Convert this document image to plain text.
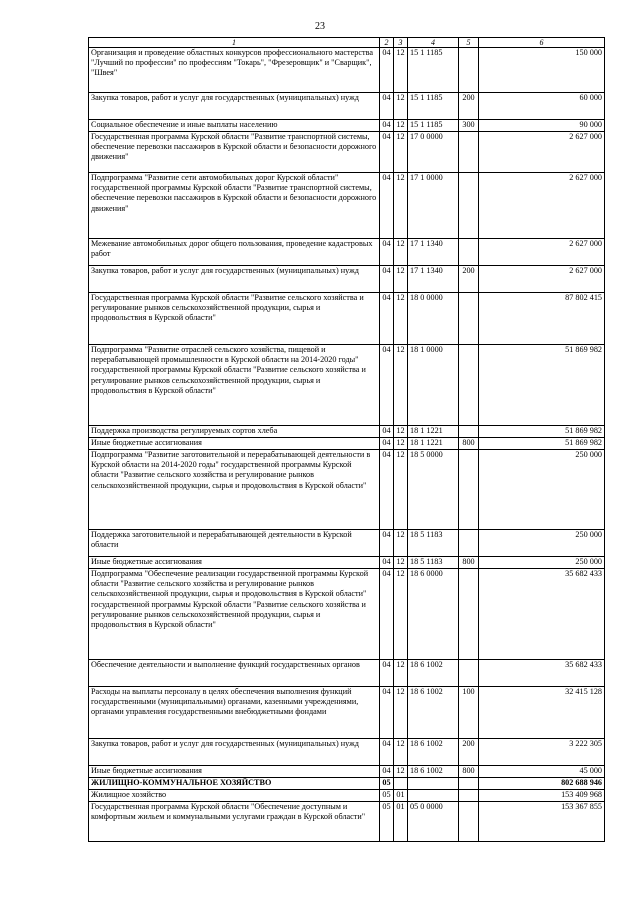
23
1	2	3	4	5	6
Организация и проведение областных конкурсов профессионального мастерства "Лучший по профессии" по профессиям "Токарь", "Фрезеровщик" и "Сварщик", "Швея"	04	12	15 1 1185		150 000
Закупка товаров, работ и услуг для государственных (муниципальных) нужд	04	12	15 1 1185	200	60 000
Социальное обеспечение и иные выплаты населению	04	12	15 1 1185	300	90 000
Государственная программа Курской области "Развитие транспортной системы, обеспечение перевозки пассажиров в Курской области и безопасности дорожного движения"	04	12	17 0 0000		2 627 000
Подпрограмма "Развитие сети автомобильных дорог Курской области" государственной программы Курской области "Развитие транспортной системы, обеспечение перевозки пассажиров в Курской области и безопасности дорожного движения"	04	12	17 1 0000		2 627 000
Межевание автомобильных дорог общего пользования, проведение кадастровых работ	04	12	17 1 1340		2 627 000
Закупка товаров, работ и услуг для государственных (муниципальных) нужд	04	12	17 1 1340	200	2 627 000
Государственная программа Курской области "Развитие сельского хозяйства и регулирование рынков сельскохозяйственной продукции, сырья и продовольствия в Курской области"	04	12	18 0 0000		87 802 415
Подпрограмма "Развитие отраслей сельского хозяйства, пищевой и перерабатывающей промышленности в Курской области на 2014-2020 годы" государственной программы Курской области "Развитие сельского хозяйства и регулирование рынков сельскохозяйственной продукции, сырья и продовольствия в Курской области"	04	12	18 1 0000		51 869 982
Поддержка производства регулируемых сортов хлеба	04	12	18 1 1221		51 869 982
Иные бюджетные ассигнования	04	12	18 1 1221	800	51 869 982
Подпрограмма "Развитие заготовительной и перерабатывающей деятельности в Курской области на 2014-2020 годы" государственной программы Курской области "Развитие сельского хозяйства и регулирование рынков сельскохозяйственной продукции, сырья и продовольствия в Курской области"	04	12	18 5 0000		250 000
Поддержка заготовительной и перерабатывающей деятельности в Курской области	04	12	18 5 1183		250 000
Иные бюджетные ассигнования	04	12	18 5 1183	800	250 000
Подпрограмма "Обеспечение реализации государственной программы Курской области "Развитие сельского хозяйства и регулирование рынков сельскохозяйственной продукции, сырья и продовольствия в Курской области" государственной программы Курской области "Развитие сельского хозяйства и регулирование рынков сельскохозяйственной продукции, сырья и продовольствия в Курской области"	04	12	18 6 0000		35 682 433
Обеспечение деятельности и выполнение функций государственных органов	04	12	18 6 1002		35 682 433
Расходы на выплаты персоналу в целях обеспечения выполнения функций государственными (муниципальными) органами, казенными учреждениями, органами управления государственными внебюджетными фондами	04	12	18 6 1002	100	32 415 128
Закупка товаров, работ и услуг для государственных (муниципальных) нужд	04	12	18 6 1002	200	3 222 305
Иные бюджетные ассигнования	04	12	18 6 1002	800	45 000
ЖИЛИЩНО-КОММУНАЛЬНОЕ ХОЗЯЙСТВО	05				802 688 946
Жилищное хозяйство	05	01			153 409 968
Государственная программа Курской области "Обеспечение доступным и комфортным жильем и коммунальными услугами граждан в Курской области"	05	01	05 0 0000		153 367 855
